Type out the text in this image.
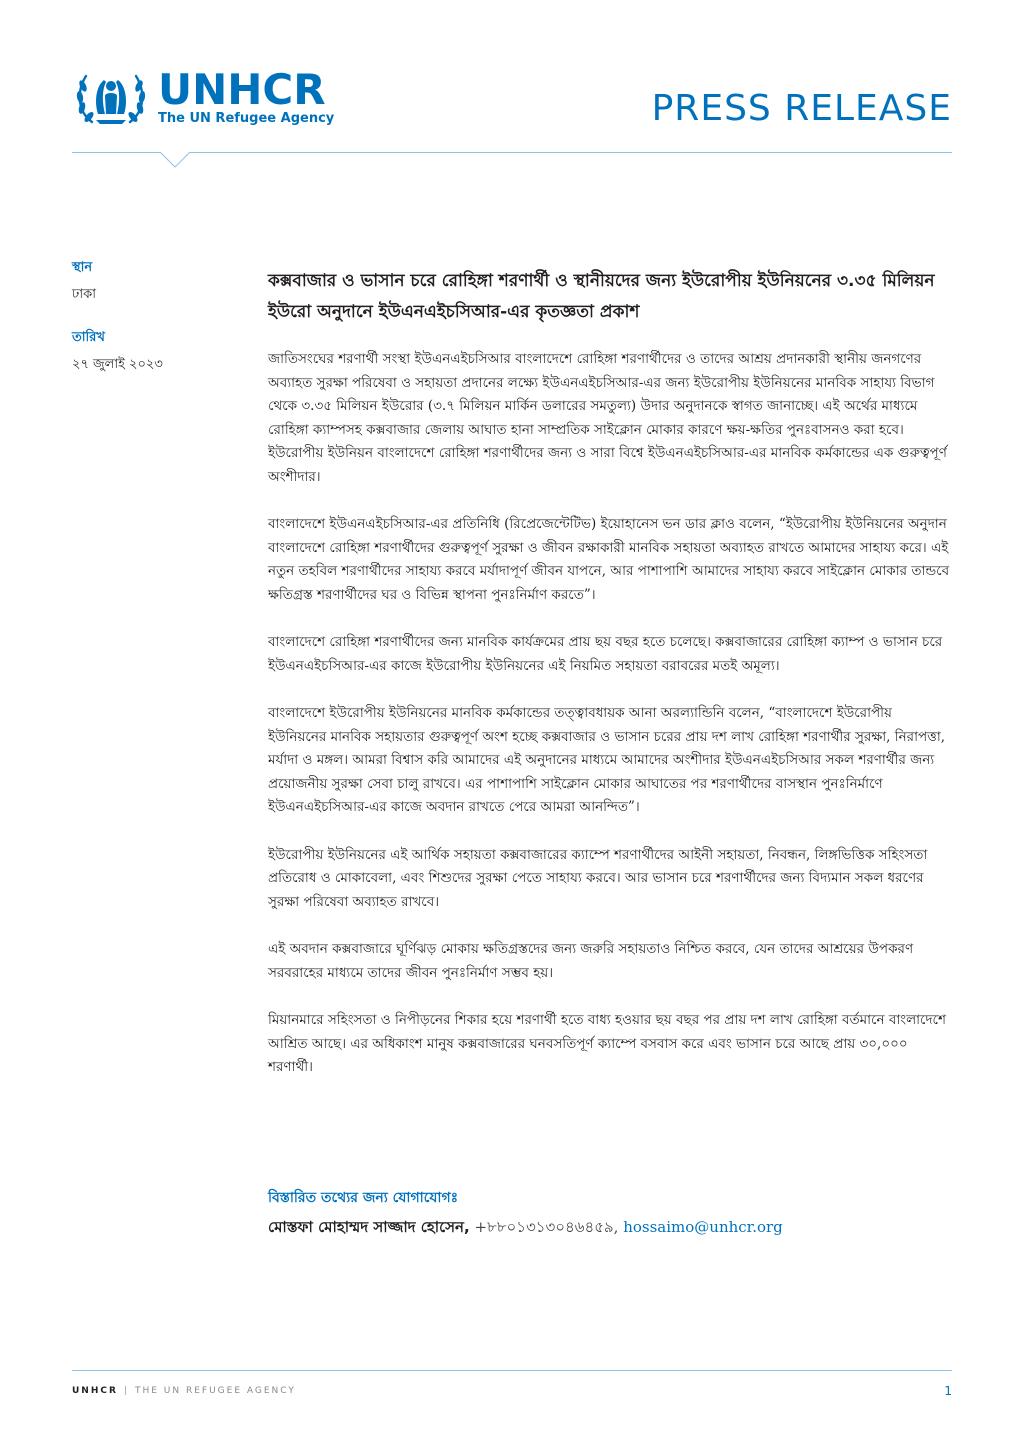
UNHCR
The UN Refugee Agency	PRESS RELEASE

স্থান

ঢাকা

তারিখ

২৭ জুলাই ২০২৩

কক্সবাজার ও ভাসান চরে রোহিঙ্গা শরণার্থী ও স্থানীয়দের জন্য ইউরোপীয় ইউনিয়নের ৩.৩৫ মিলিয়ন ইউরো অনুদানে ইউএনএইচসিআর-এর কৃতজ্ঞতা প্রকাশ

জাতিসংঘের শরণার্থী সংস্থা ইউএনএইচসিআর বাংলাদেশে রোহিঙ্গা শরণার্থীদের ও তাদের আশ্রয় প্রদানকারী স্থানীয় জনগণের অব্যাহত সুরক্ষা পরিষেবা ও সহায়তা প্রদানের লক্ষ্যে ইউএনএইচসিআর-এর জন্য ইউরোপীয় ইউনিয়নের মানবিক সাহায্য বিভাগ থেকে ৩.৩৫ মিলিয়ন ইউরোর (৩.৭ মিলিয়ন মার্কিন ডলারের সমতুল্য) উদার অনুদানকে স্বাগত জানাচ্ছে। এই অর্থের মাধ্যমে রোহিঙ্গা ক্যাম্পসহ কক্সবাজার জেলায় আঘাত হানা সাম্প্রতিক সাইক্লোন মোকার কারণে ক্ষয়-ক্ষতির পুনঃবাসনও করা হবে। ইউরোপীয় ইউনিয়ন বাংলাদেশে রোহিঙ্গা শরণার্থীদের জন্য ও সারা বিশ্বে ইউএনএইচসিআর-এর মানবিক কর্মকান্ডের এক গুরুত্বপূর্ণ অংশীদার।

বাংলাদেশে ইউএনএইচসিআর-এর প্রতিনিধি (রিপ্রেজেন্টেটিভ) ইয়োহানেস ভন ডার ক্লাও বলেন, “ইউরোপীয় ইউনিয়নের অনুদান বাংলাদেশে রোহিঙ্গা শরণার্থীদের গুরুত্বপূর্ণ সুরক্ষা ও জীবন রক্ষাকারী মানবিক সহায়তা অব্যাহত রাখতে আমাদের সাহায্য করে। এই নতুন তহবিল শরণার্থীদের সাহায্য করবে মর্যাদাপূর্ণ জীবন যাপনে, আর পাশাপাশি আমাদের সাহায্য করবে সাইক্লোন মোকার তান্ডবে ক্ষতিগ্রস্ত শরণার্থীদের ঘর ও বিভিন্ন স্থাপনা পুনঃনির্মাণ করতে”।

বাংলাদেশে রোহিঙ্গা শরণার্থীদের জন্য মানবিক কার্যক্রমের প্রায় ছয় বছর হতে চলেছে। কক্সবাজারের রোহিঙ্গা ক্যাম্প ও ভাসান চরে ইউএনএইচসিআর-এর কাজে ইউরোপীয় ইউনিয়নের এই নিয়মিত সহায়তা বরাবরের মতই অমূল্য।

বাংলাদেশে ইউরোপীয় ইউনিয়নের মানবিক কর্মকান্ডের তত্ত্বাবধায়ক আনা অরল্যান্ডিনি বলেন, “বাংলাদেশে ইউরোপীয় ইউনিয়নের মানবিক সহায়তার গুরুত্বপূর্ণ অংশ হচ্ছে কক্সবাজার ও ভাসান চরের প্রায় দশ লাখ রোহিঙ্গা শরণার্থীর সুরক্ষা, নিরাপত্তা, মর্যাদা ও মঙ্গল। আমরা বিশ্বাস করি আমাদের এই অনুদানের মাধ্যমে আমাদের অংশীদার ইউএনএইচসিআর সকল শরণার্থীর জন্য প্রয়োজনীয় সুরক্ষা সেবা চালু রাখবে। এর পাশাপাশি সাইক্লোন মোকার আঘাতের পর শরণার্থীদের বাসস্থান পুনঃনির্মাণে ইউএনএইচসিআর-এর কাজে অবদান রাখতে পেরে আমরা আনন্দিত”।

ইউরোপীয় ইউনিয়নের এই আর্থিক সহায়তা কক্সবাজারের ক্যাম্পে শরণার্থীদের আইনী সহায়তা, নিবন্ধন, লিঙ্গভিত্তিক সহিংসতা প্রতিরোধ ও মোকাবেলা, এবং শিশুদের সুরক্ষা পেতে সাহায্য করবে। আর ভাসান চরে শরণার্থীদের জন্য বিদ্যমান সকল ধরণের সুরক্ষা পরিষেবা অব্যাহত রাখবে।

এই অবদান কক্সবাজারে ঘূর্ণিঝড় মোকায় ক্ষতিগ্রস্তদের জন্য জরুরি সহায়তাও নিশ্চিত করবে, যেন তাদের আশ্রয়ের উপকরণ সরবরাহের মাধ্যমে তাদের জীবন পুনঃনির্মাণ সম্ভব হয়।

মিয়ানমারে সহিংসতা ও নিপীড়নের শিকার হয়ে শরণার্থী হতে বাধ্য হওয়ার ছয় বছর পর প্রায় দশ লাখ রোহিঙ্গা বর্তমানে বাংলাদেশে আশ্রিত আছে। এর অধিকাংশ মানুষ কক্সবাজারের ঘনবসতিপূর্ণ ক্যাম্পে বসবাস করে এবং ভাসান চরে আছে প্রায় ৩০,০০০ শরণার্থী।

বিস্তারিত তথ্যের জন্য যোগাযোগঃ

মোস্তফা মোহাম্মদ সাজ্জাদ হোসেন, +৮৮০১৩১৩০৪৬৪৫৯, hossaimo@unhcr.org

UNHCR | THE UN REFUGEE AGENCY	1
